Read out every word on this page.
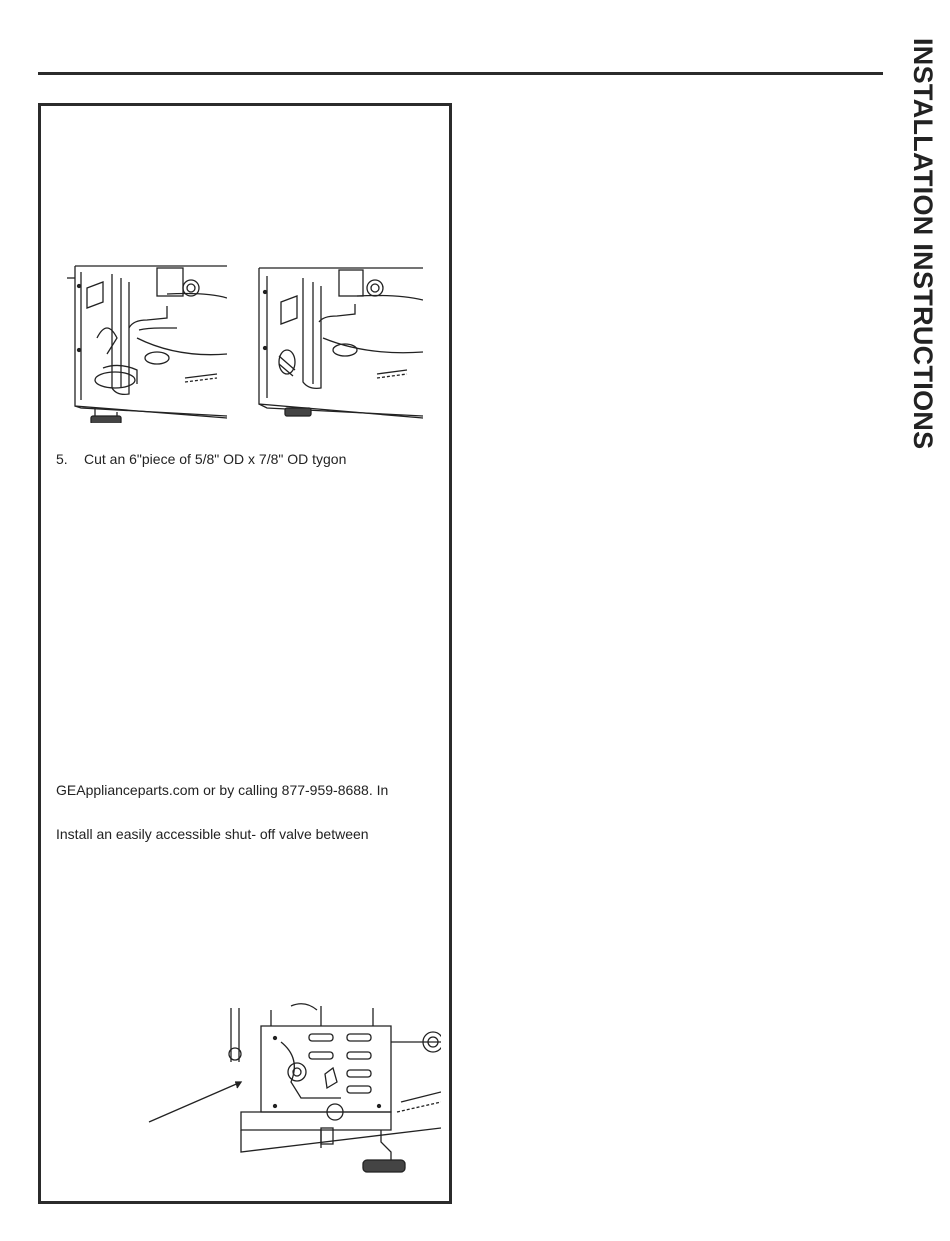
INSTALLATION INSTRUCTIONS
5. Cut an 6"piece of 5/8" OD x 7/8" OD tygon
GEApplianceparts.com or by calling 877-959-8688. In
Install an easily accessible shut- off valve between
